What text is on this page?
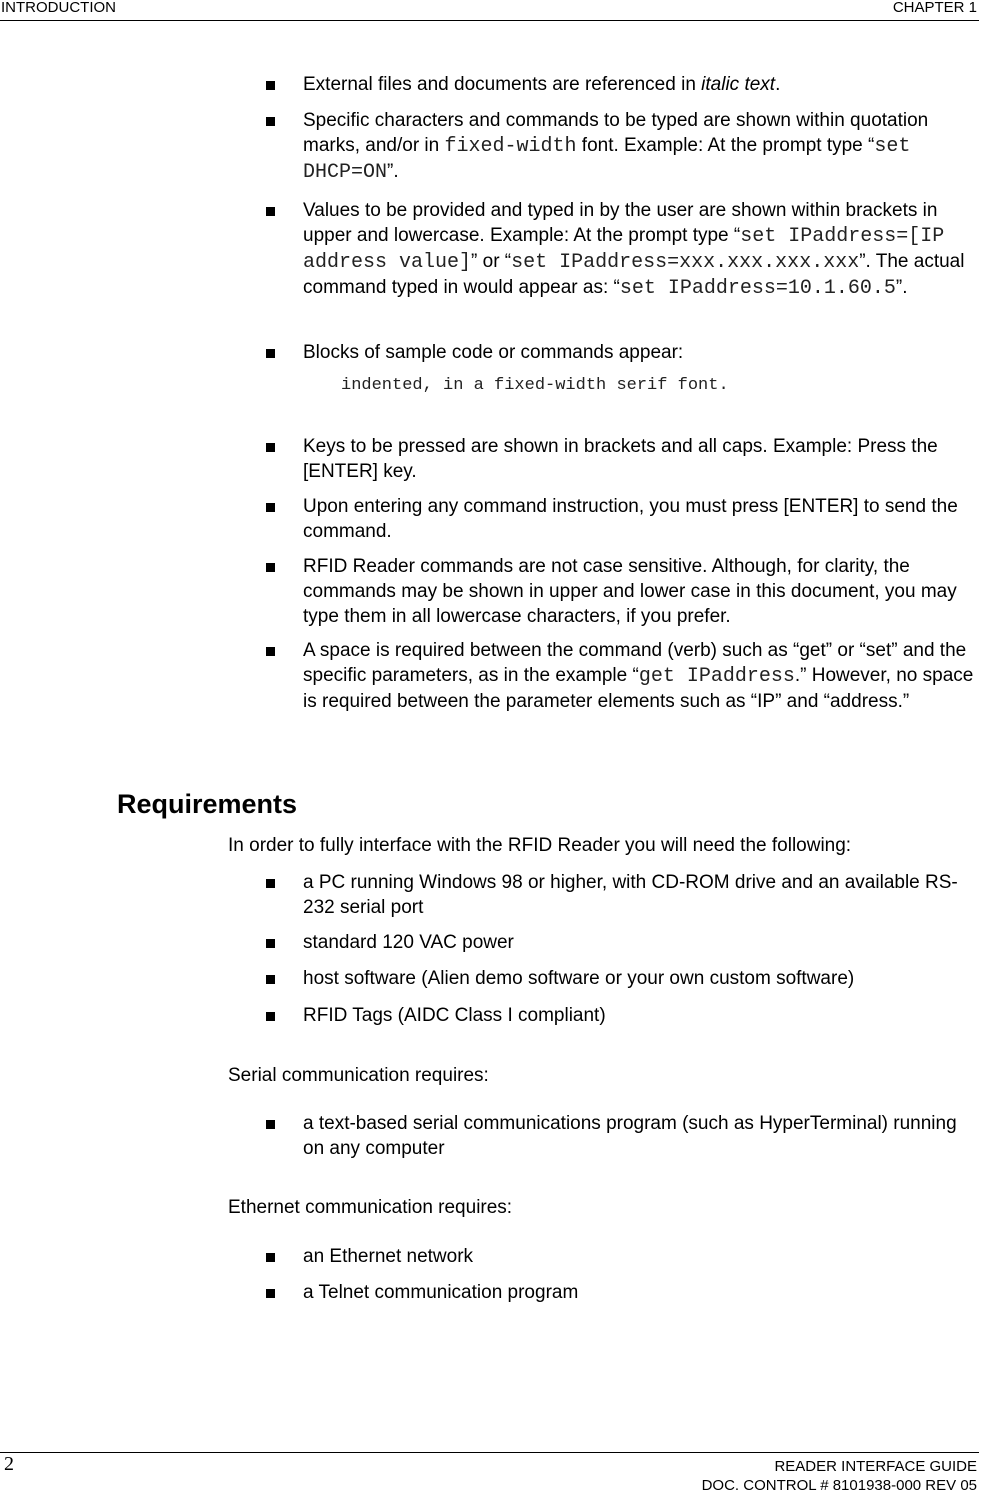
INTRODUCTION	CHAPTER 1
External files and documents are referenced in italic text.
Specific characters and commands to be typed are shown within quotation marks, and/or in fixed-width font. Example: At the prompt type “set DHCP=ON”.
Values to be provided and typed in by the user are shown within brackets in upper and lowercase. Example: At the prompt type “set IPaddress=[IP address value]” or “set IPaddress=xxx.xxx.xxx.xxx”. The actual command typed in would appear as: “set IPaddress=10.1.60.5”.
Blocks of sample code or commands appear:
indented, in a fixed-width serif font.
Keys to be pressed are shown in brackets and all caps. Example: Press the [ENTER] key.
Upon entering any command instruction, you must press [ENTER] to send the command.
RFID Reader commands are not case sensitive. Although, for clarity, the commands may be shown in upper and lower case in this document, you may type them in all lowercase characters, if you prefer.
A space is required between the command (verb) such as “get” or “set” and the specific parameters, as in the example “get IPaddress.” However, no space is required between the parameter elements such as “IP” and “address.”
Requirements
In order to fully interface with the RFID Reader you will need the following:
a PC running Windows 98 or higher, with CD-ROM drive and an available RS-232 serial port
standard 120 VAC power
host software (Alien demo software or your own custom software)
RFID Tags (AIDC Class I compliant)
Serial communication requires:
a text-based serial communications program (such as HyperTerminal) running on any computer
Ethernet communication requires:
an Ethernet network
a Telnet communication program
2	READER INTERFACE GUIDE
DOC. CONTROL # 8101938-000 REV 05
